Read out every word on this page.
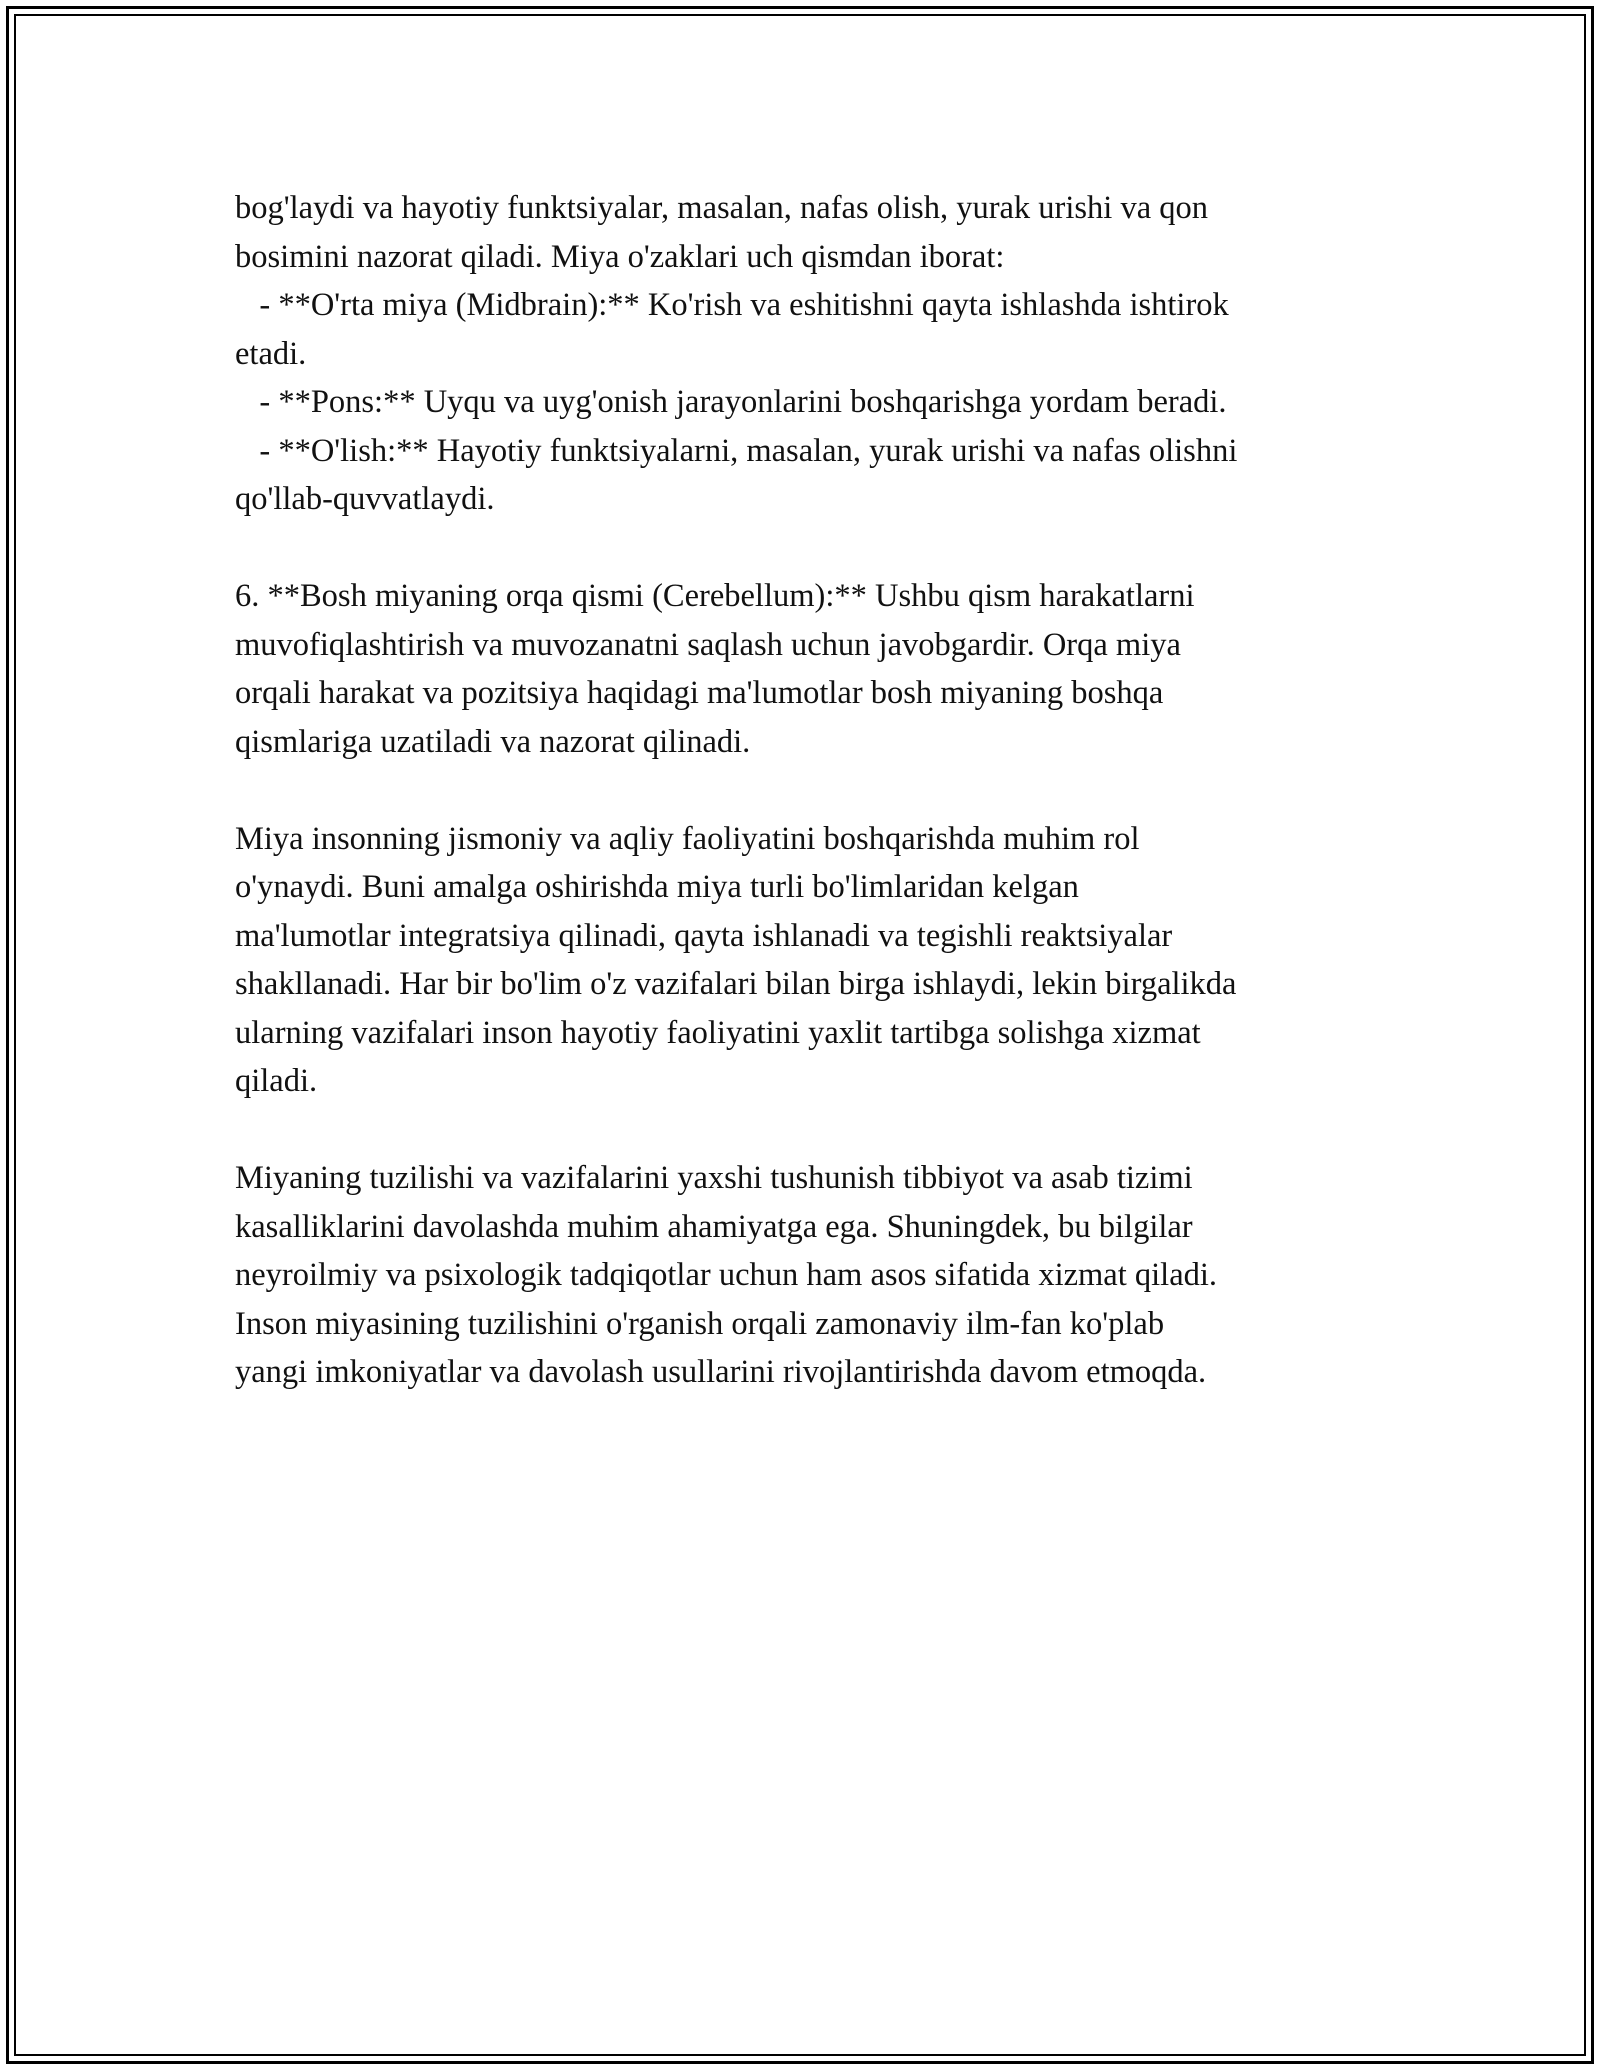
bog'laydi va hayotiy funktsiyalar, masalan, nafas olish, yurak urishi va qon
bosimini nazorat qiladi. Miya o'zaklari uch qismdan iborat:
- **O'rta miya (Midbrain):** Ko'rish va eshitishni qayta ishlashda ishtirok
etadi.
- **Pons:** Uyqu va uyg'onish jarayonlarini boshqarishga yordam beradi.
- **O'lish:** Hayotiy funktsiyalarni, masalan, yurak urishi va nafas olishni
qo'llab-quvvatlaydi.

6. **Bosh miyaning orqa qismi (Cerebellum):** Ushbu qism harakatlarni
muvofiqlashtirish va muvozanatni saqlash uchun javobgardir. Orqa miya
orqali harakat va pozitsiya haqidagi ma'lumotlar bosh miyaning boshqa
qismlariga uzatiladi va nazorat qilinadi.

Miya insonning jismoniy va aqliy faoliyatini boshqarishda muhim rol
o'ynaydi. Buni amalga oshirishda miya turli bo'limlaridan kelgan
ma'lumotlar integratsiya qilinadi, qayta ishlanadi va tegishli reaktsiyalar
shakllanadi. Har bir bo'lim o'z vazifalari bilan birga ishlaydi, lekin birgalikda
ularning vazifalari inson hayotiy faoliyatini yaxlit tartibga solishga xizmat
qiladi.

Miyaning tuzilishi va vazifalarini yaxshi tushunish tibbiyot va asab tizimi
kasalliklarini davolashda muhim ahamiyatga ega. Shuningdek, bu bilgilar
neyroilmiy va psixologik tadqiqotlar uchun ham asos sifatida xizmat qiladi.
Inson miyasining tuzilishini o'rganish orqali zamonaviy ilm-fan ko'plab
yangi imkoniyatlar va davolash usullarini rivojlantirishda davom etmoqda.
